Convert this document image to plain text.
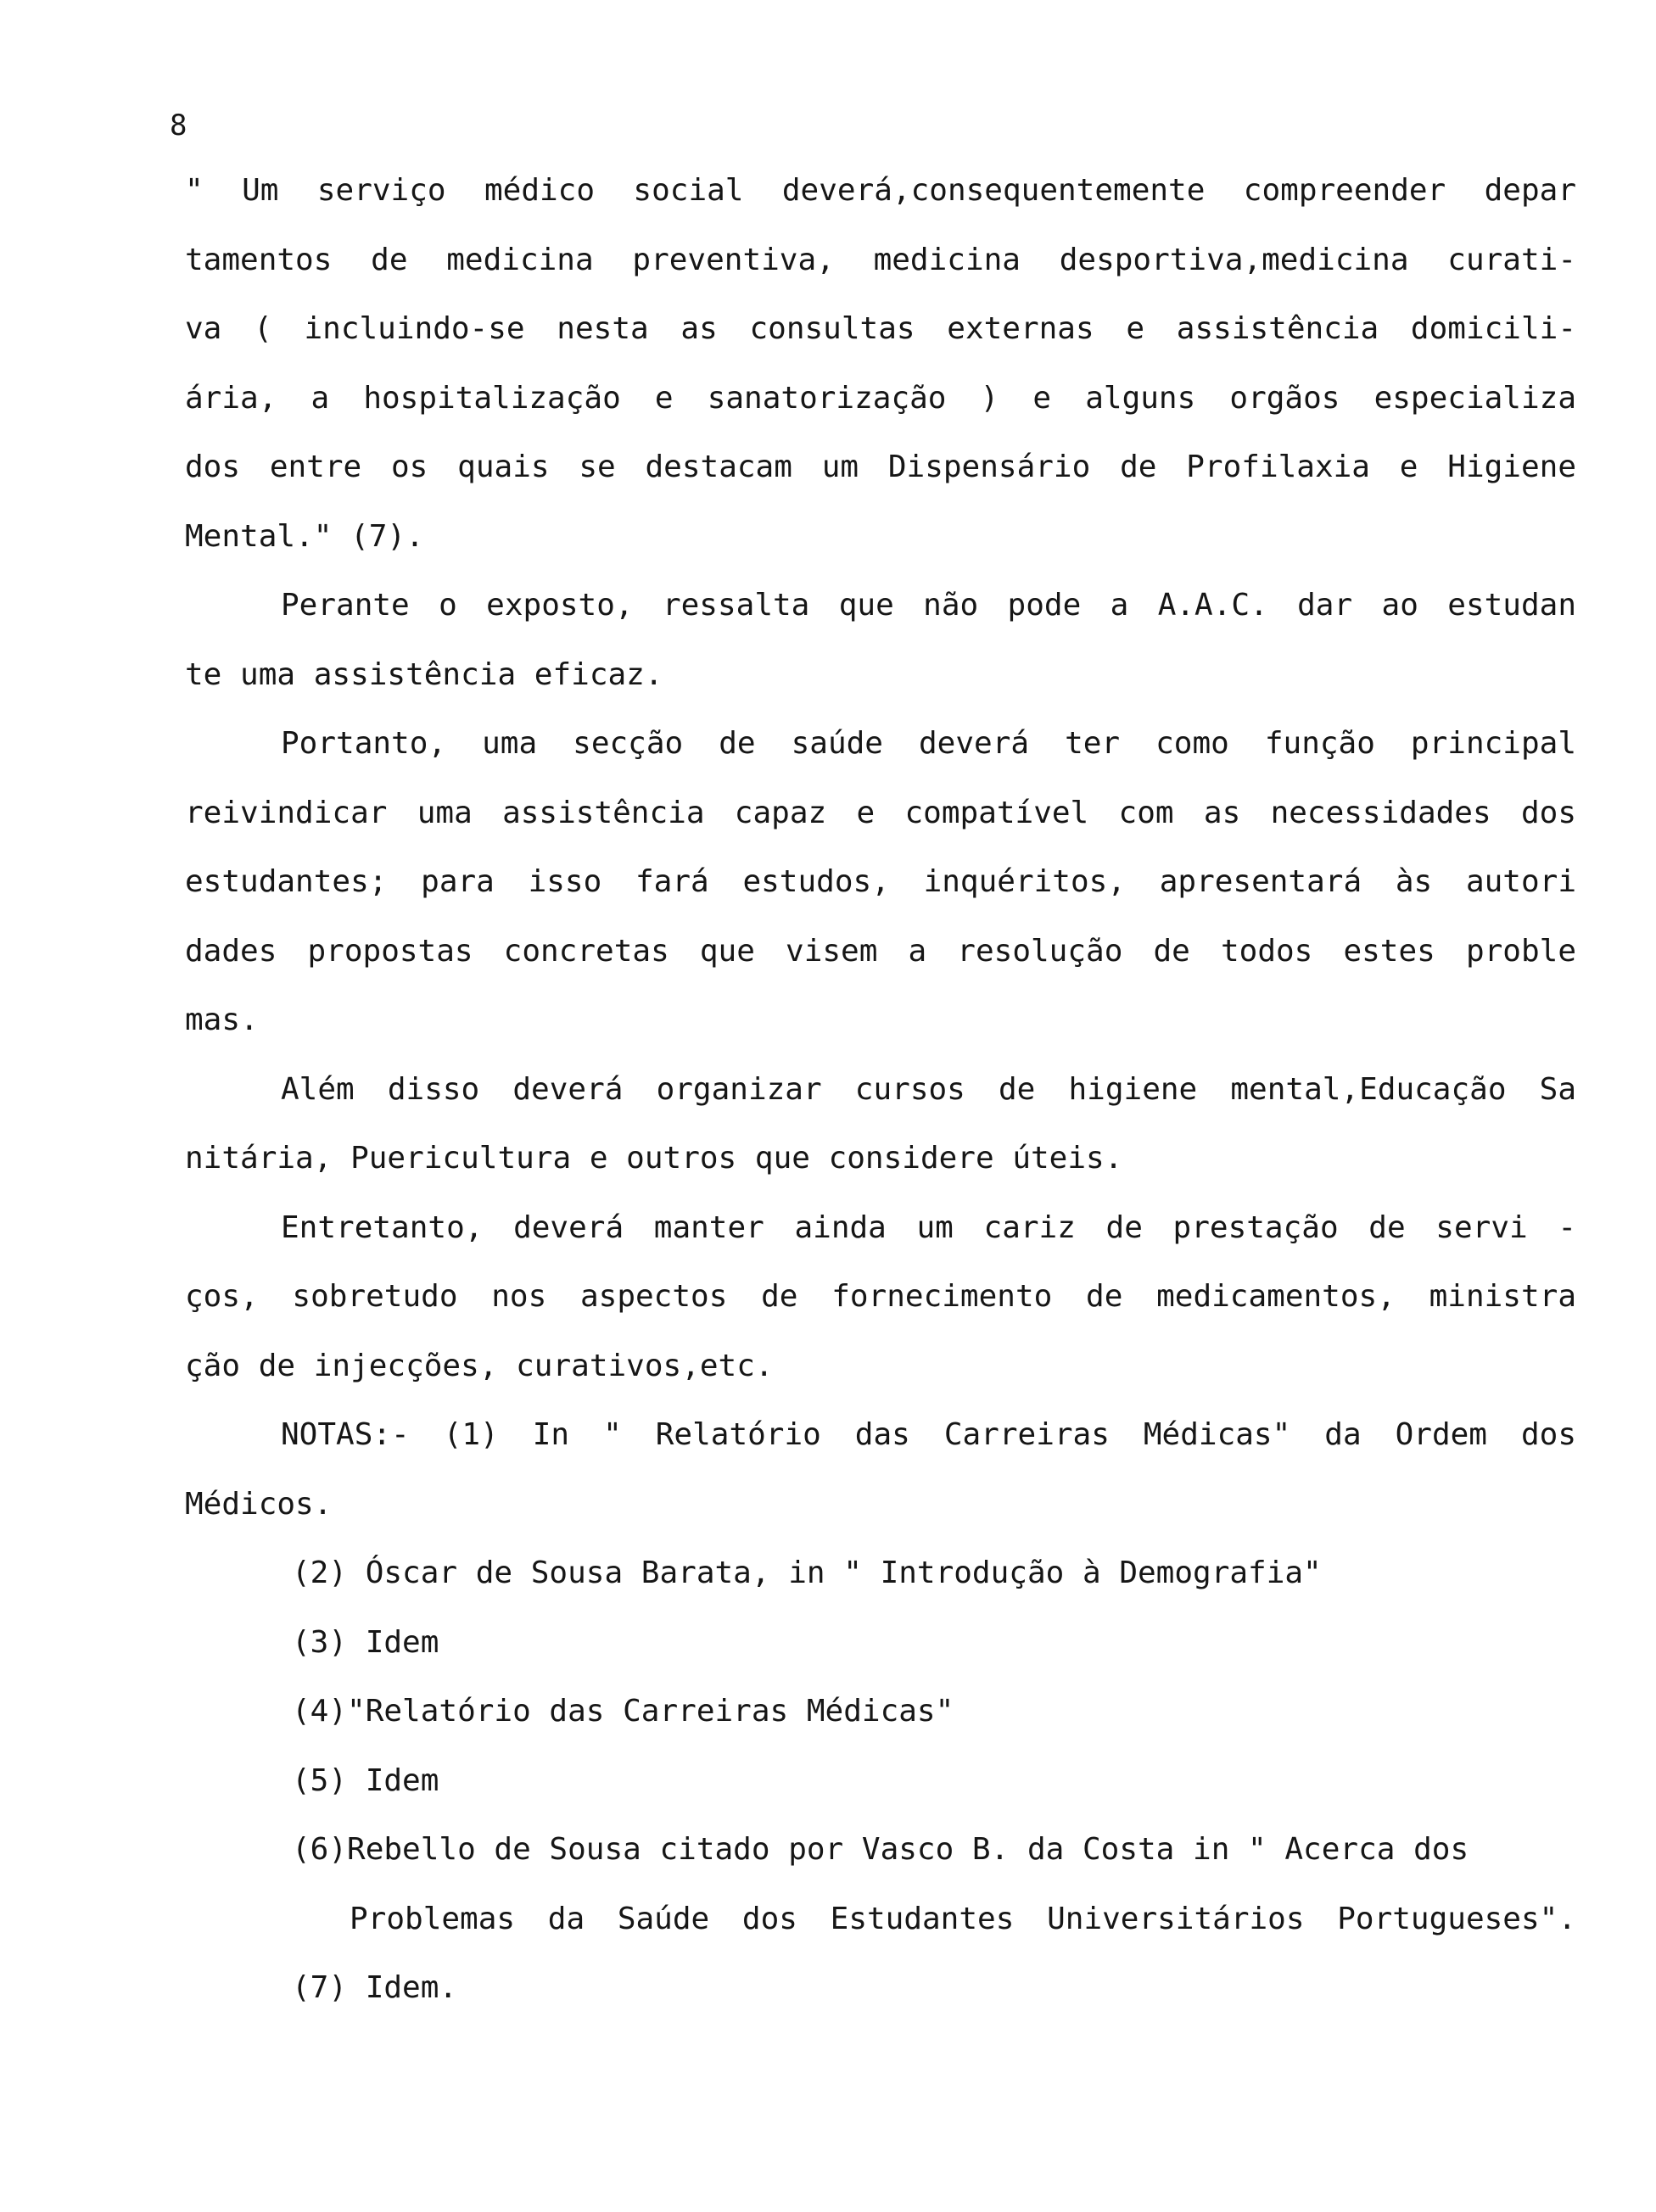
8
" Um serviço médico social deverá,consequentemente compreender depar
tamentos de medicina preventiva, medicina desportiva,medicina curati-
va ( incluindo-se nesta as consultas externas e assistência domicili-
ária, a hospitalização e sanatorização ) e alguns orgãos especializa
dos entre os quais se destacam um Dispensário de Profilaxia e Higiene
Mental." (7).
Perante o exposto, ressalta que não pode a A.A.C. dar ao estudan
te uma assistência eficaz.
Portanto, uma secção de saúde deverá ter como função principal
reivindicar uma assistência capaz e compatível com as necessidades dos
estudantes; para isso fará estudos, inquéritos, apresentará às autori
dades propostas concretas que visem a resolução de todos estes proble
mas.
Além disso deverá organizar cursos de higiene mental,Educação Sa
nitária, Puericultura e outros que considere úteis.
Entretanto, deverá manter ainda um cariz de prestação de servi -
ços, sobretudo nos aspectos de fornecimento de medicamentos, ministra
ção de injecções, curativos,etc.
NOTAS:- (1) In " Relatório das Carreiras Médicas" da Ordem dos
Médicos.
(2) Óscar de Sousa Barata, in " Introdução à Demografia"
(3) Idem
(4)"Relatório das Carreiras Médicas"
(5) Idem
(6)Rebello de Sousa citado por Vasco B. da Costa in " Acerca dos
Problemas da Saúde dos Estudantes Universitários Portugueses".
(7) Idem.
